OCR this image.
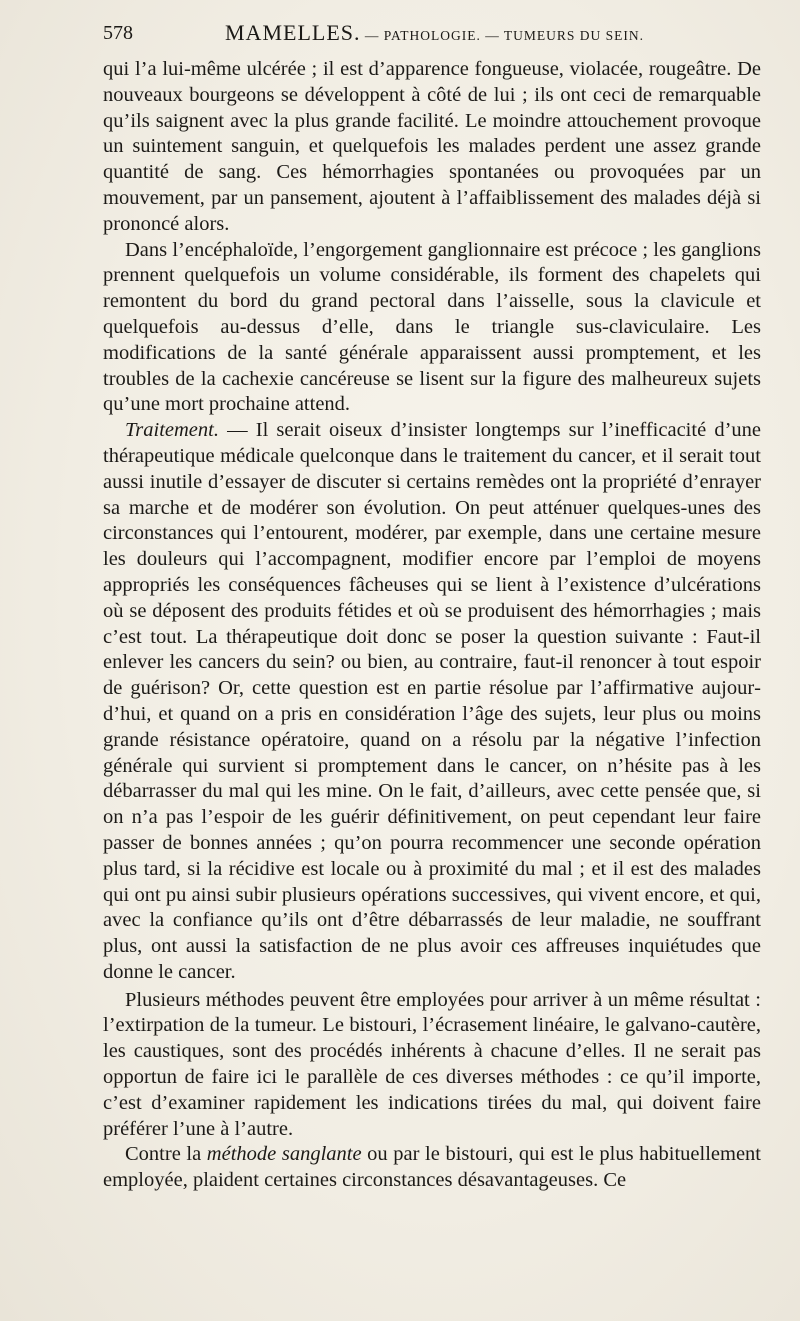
578	MAMELLES. — PATHOLOGIE. — TUMEURS DU SEIN.

qui l’a lui-même ulcérée ; il est d’apparence fongueuse, violacée, rougeâtre. De nouveaux bourgeons se développent à côté de lui ; ils ont ceci de remarquable qu’ils saignent avec la plus grande facilité. Le moindre attouchement provoque un suintement sanguin, et quelquefois les malades perdent une assez grande quantité de sang. Ces hémorrhagies spontanées ou provoquées par un mouvement, par un pansement, ajoutent à l’affaiblissement des malades déjà si prononcé alors.

Dans l’encéphaloïde, l’engorgement ganglionnaire est précoce ; les ganglions prennent quelquefois un volume considérable, ils forment des chapelets qui remontent du bord du grand pectoral dans l’aisselle, sous la clavicule et quelquefois au-dessus d’elle, dans le triangle sus-claviculaire. Les modifications de la santé générale apparaissent aussi promptement, et les troubles de la cachexie cancéreuse se lisent sur la figure des malheureux sujets qu’une mort prochaine attend.

Traitement. — Il serait oiseux d’insister longtemps sur l’inefficacité d’une thérapeutique médicale quelconque dans le traitement du cancer, et il serait tout aussi inutile d’essayer de discuter si certains remèdes ont la propriété d’enrayer sa marche et de modérer son évolution. On peut atténuer quelques-unes des circonstances qui l’entourent, modérer, par exemple, dans une certaine mesure les douleurs qui l’accompagnent, modifier encore par l’emploi de moyens appropriés les conséquences fâcheuses qui se lient à l’existence d’ulcérations où se déposent des produits fétides et où se produisent des hémorrhagies ; mais c’est tout. La thérapeutique doit donc se poser la question suivante : Faut-il enlever les cancers du sein? ou bien, au contraire, faut-il renoncer à tout espoir de guérison? Or, cette question est en partie résolue par l’affirmative aujourd’hui, et quand on a pris en considération l’âge des sujets, leur plus ou moins grande résistance opératoire, quand on a résolu par la négative l’infection générale qui survient si promptement dans le cancer, on n’hésite pas à les débarrasser du mal qui les mine. On le fait, d’ailleurs, avec cette pensée que, si on n’a pas l’espoir de les guérir définitivement, on peut cependant leur faire passer de bonnes années ; qu’on pourra recommencer une seconde opération plus tard, si la récidive est locale ou à proximité du mal ; et il est des malades qui ont pu ainsi subir plusieurs opérations successives, qui vivent encore, et qui, avec la confiance qu’ils ont d’être débarrassés de leur maladie, ne souffrant plus, ont aussi la satisfaction de ne plus avoir ces affreuses inquiétudes que donne le cancer.

Plusieurs méthodes peuvent être employées pour arriver à un même résultat : l’extirpation de la tumeur. Le bistouri, l’écrasement linéaire, le galvano-cautère, les caustiques, sont des procédés inhérents à chacune d’elles. Il ne serait pas opportun de faire ici le parallèle de ces diverses méthodes : ce qu’il importe, c’est d’examiner rapidement les indications tirées du mal, qui doivent faire préférer l’une à l’autre.

Contre la méthode sanglante ou par le bistouri, qui est le plus habituellement employée, plaident certaines circonstances désavantageuses. Ce
